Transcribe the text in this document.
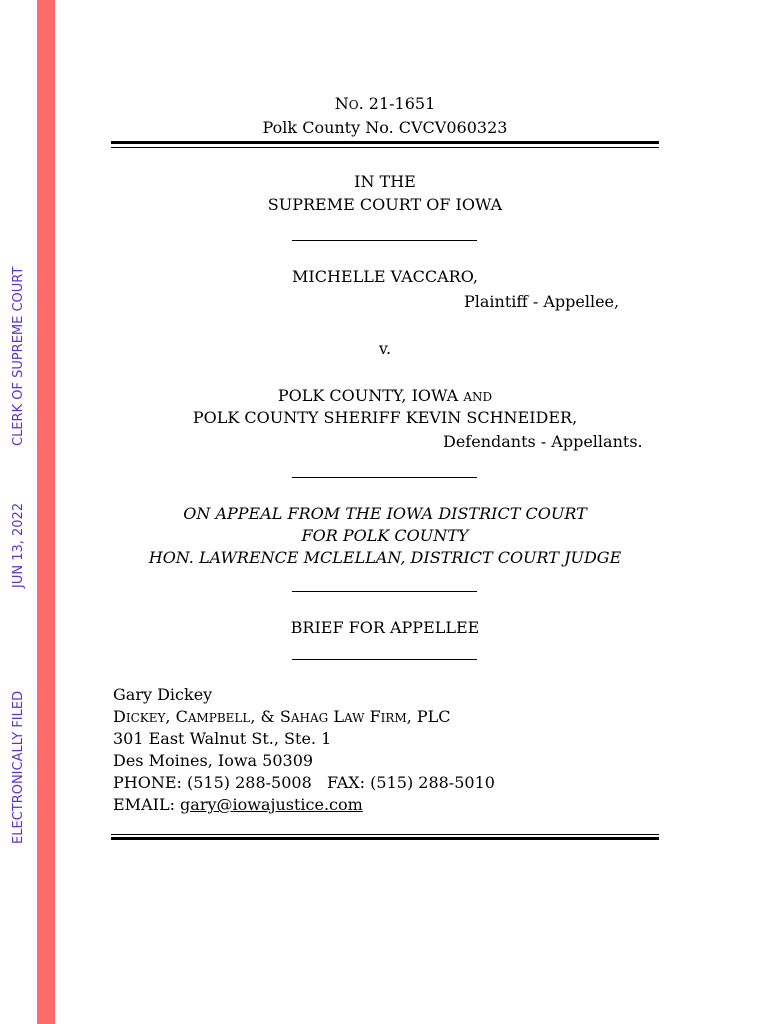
ELECTRONICALLY FILED
JUN 13, 2022
CLERK OF SUPREME COURT
NO. 21-1651
Polk County No. CVCV060323
IN THE
SUPREME COURT OF IOWA
MICHELLE VACCARO,
Plaintiff - Appellee,
v.
POLK COUNTY, IOWA AND
POLK COUNTY SHERIFF KEVIN SCHNEIDER,
Defendants - Appellants.
ON APPEAL FROM THE IOWA DISTRICT COURT
FOR POLK COUNTY
HON. LAWRENCE MCLELLAN, DISTRICT COURT JUDGE
BRIEF FOR APPELLEE
Gary Dickey
DICKEY, CAMPBELL, & SAHAG LAW FIRM, PLC
301 East Walnut St., Ste. 1
Des Moines, Iowa 50309
PHONE: (515) 288-5008   FAX: (515) 288-5010
EMAIL: gary@iowajustice.com
